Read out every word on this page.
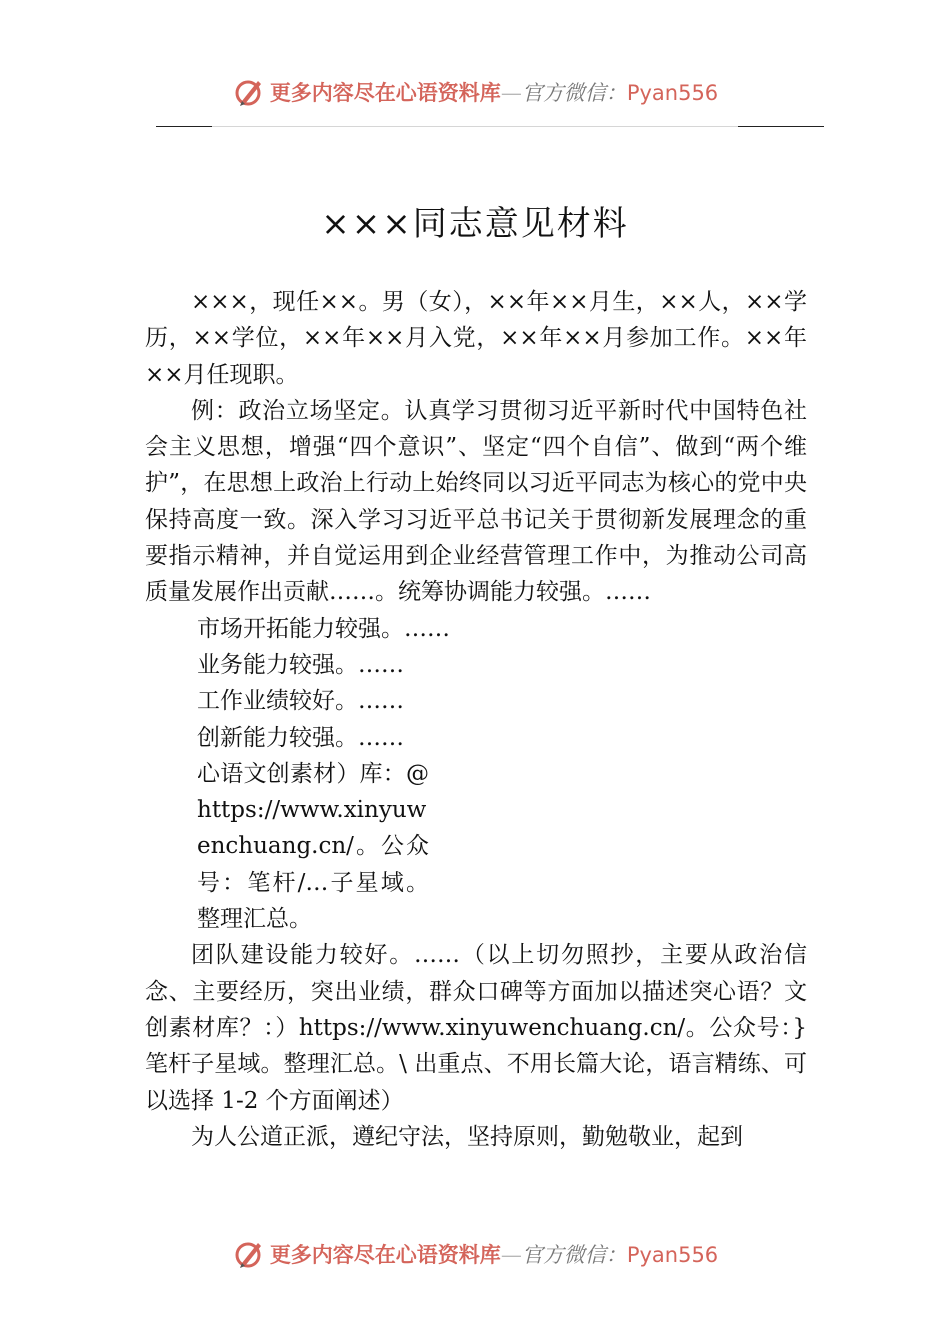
更多内容尽在心语资料库—官方微信：Pyan556
×××同志意见材料

×××，现任××。男（女），××年××月生，××人，××学历，××学位，××年××月入党，××年××月参加工作。××年××月任现职。

例：政治立场坚定。认真学习贯彻习近平新时代中国特色社会主义思想，增强“四个意识”、坚定“四个自信”、做到“两个维护”，在思想上政治上行动上始终同以习近平同志为核心的党中央保持高度一致。深入学习习近平总书记关于贯彻新发展理念的重要指示精神，并自觉运用到企业经营管理工作中，为推动公司高质量发展作出贡献……。统筹协调能力较强。……

市场开拓能力较强。……

业务能力较强。……

工作业绩较好。……

创新能力较强。……

心语文创素材）库：@https://www.xinyuwenchuang.cn/。公众号：笔杆/…子星域。整理汇总。

团队建设能力较好。……（以上切勿照抄，主要从政治信念、主要经历，突出业绩，群众口碑等方面加以描述突心语？文创素材库？：）https://www.xinyuwenchuang.cn/。公众号：}笔杆子星域。整理汇总。\ 出重点、不用长篇大论，语言精练、可以选择 1-2 个方面阐述）

为人公道正派，遵纪守法，坚持原则，勤勉敬业，起到

更多内容尽在心语资料库—官方微信：Pyan556
